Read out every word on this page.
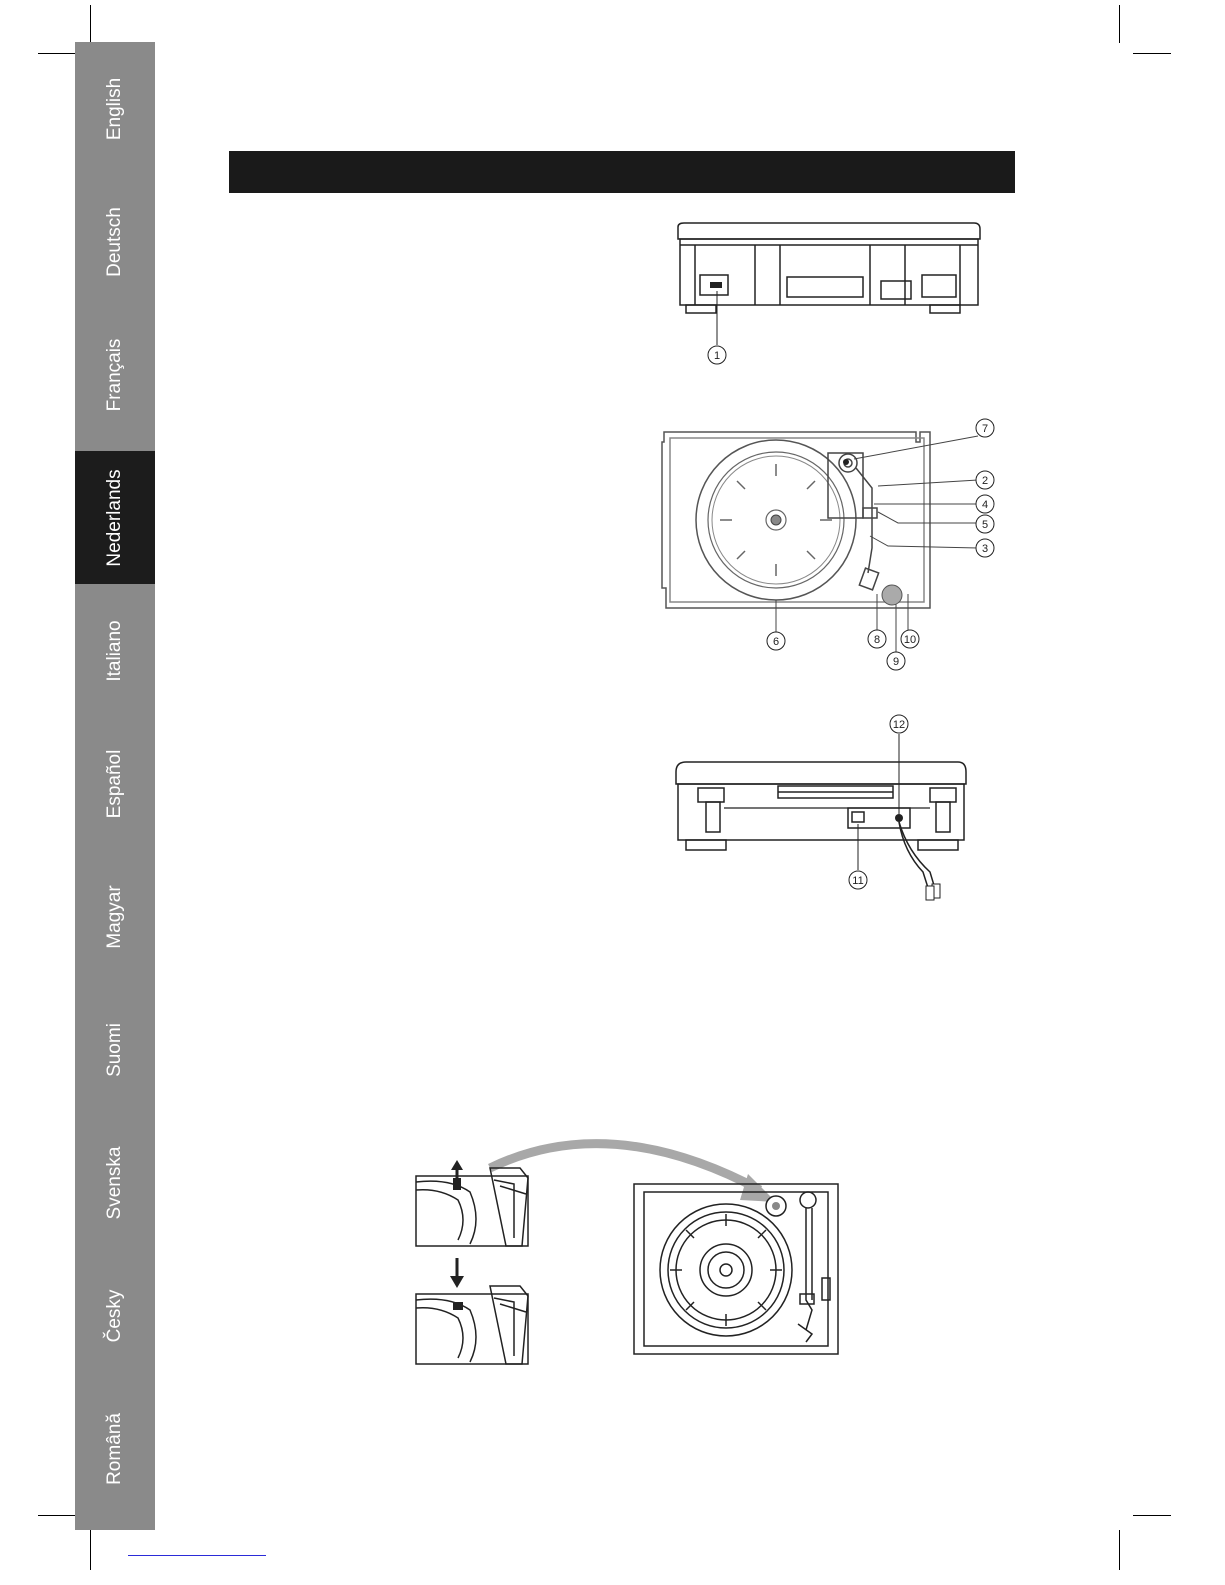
English
Deutsch
Français
Nederlands
Italiano
Español
Magyar
Suomi
Svenska
Česky
Română
1
7
2
4
5
3
6	8
9
10
12
11
